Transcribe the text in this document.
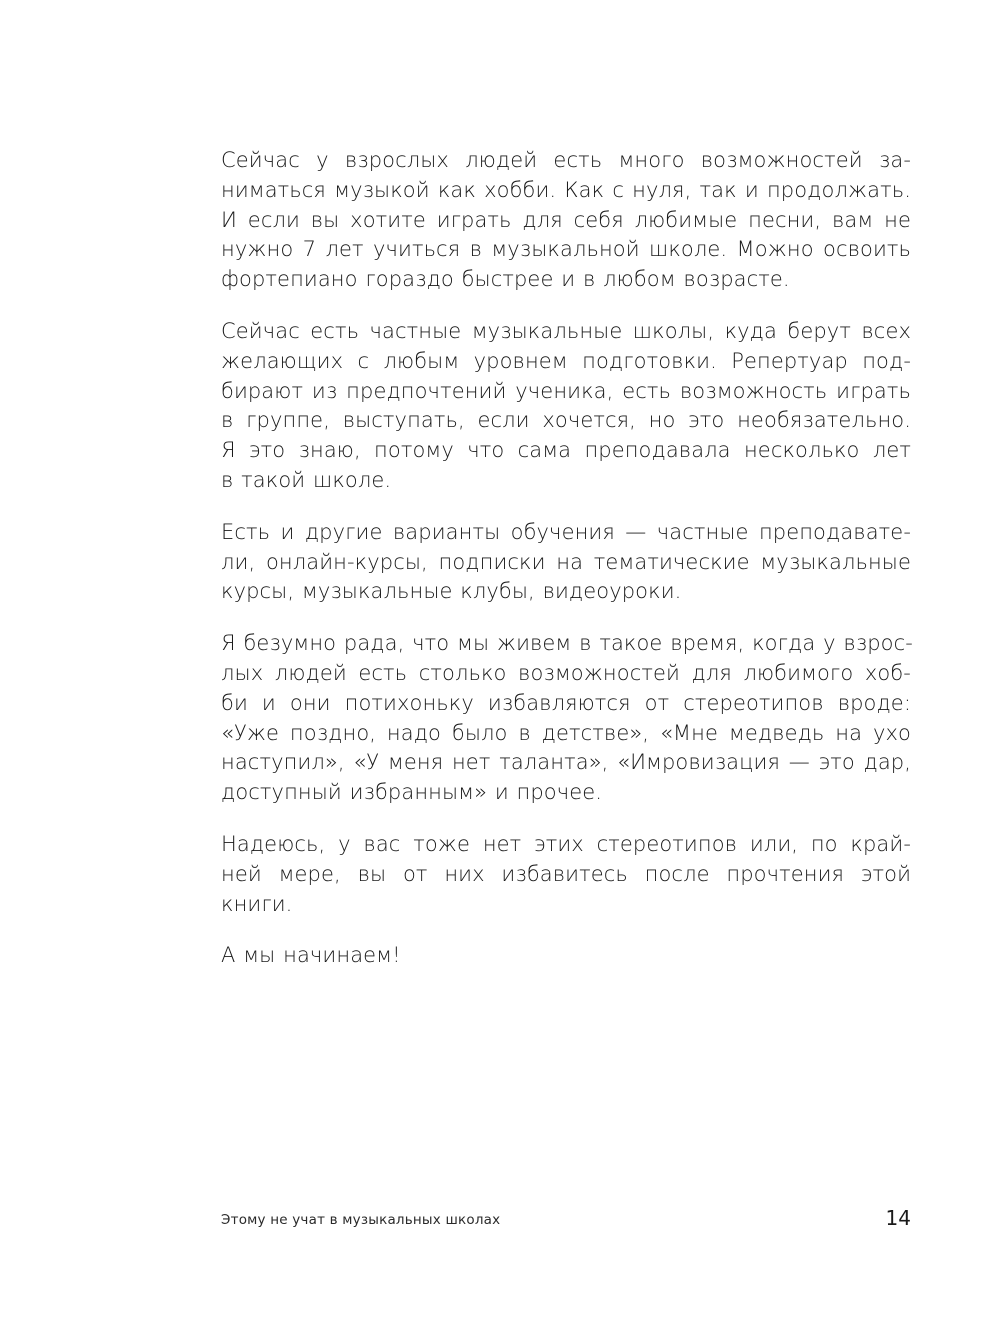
Сейчас у взрослых людей есть много возможностей за-
ниматься музыкой как хобби. Как с нуля, так и продолжать.
И если вы хотите играть для себя любимые песни, вам не
нужно 7 лет учиться в музыкальной школе. Можно освоить
фортепиано гораздо быстрее и в любом возрасте.

Сейчас есть частные музыкальные школы, куда берут всех
желающих с любым уровнем подготовки. Репертуар под-
бирают из предпочтений ученика, есть возможность играть
в группе, выступать, если хочется, но это необязательно.
Я это знаю, потому что сама преподавала несколько лет
в такой школе.

Есть и другие варианты обучения — частные преподавате-
ли, онлайн-курсы, подписки на тематические музыкальные
курсы, музыкальные клубы, видеоуроки.

Я безумно рада, что мы живем в такое время, когда у взрос-
лых людей есть столько возможностей для любимого хоб-
би и они потихоньку избавляются от стереотипов вроде:
«Уже поздно, надо было в детстве», «Мне медведь на ухо
наступил», «У меня нет таланта», «Имровизация — это дар,
доступный избранным» и прочее.

Надеюсь, у вас тоже нет этих стереотипов или, по край-
ней мере, вы от них избавитесь после прочтения этой
книги.

А мы начинаем!

Этому не учат в музыкальных школах	14
